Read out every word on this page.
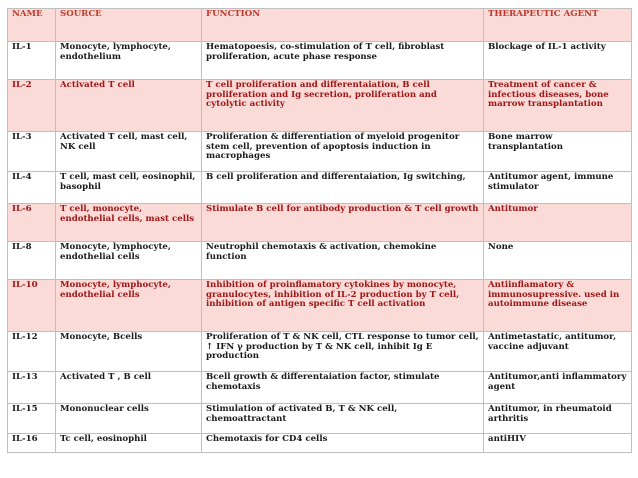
NAME	SOURCE	FUNCTION	THERAPEUTIC AGENT
IL-1	Monocyte, lymphocyte, endothelium	Hematopoesis, co-stimulation of T cell, fibroblast proliferation, acute phase response	Blockage of IL-1 activity
IL-2	Activated T cell	T cell proliferation and differentaiation, B cell proliferation and Ig secretion, proliferation and cytolytic activity	Treatment of cancer & infectious diseases, bone marrow transplantation
IL-3	Activated T cell, mast cell, NK cell	Proliferation & differentiation of myeloid progenitor stem cell, prevention of apoptosis induction in macrophages	Bone marrow transplantation
IL-4	T cell, mast cell, eosinophil, basophil	B cell proliferation and differentaiation, Ig switching,	Antitumor agent, immune stimulator
IL-6	T cell, monocyte, endothelial cells, mast cells	Stimulate B cell for antibody production & T cell growth	Antitumor
IL-8	Monocyte, lymphocyte, endothelial cells	Neutrophil chemotaxis & activation, chemokine function	None
IL-10	Monocyte, lymphocyte, endothelial cells	Inhibition of proinflamatory cytokines by monocyte, granulocytes, inhibition of IL-2 production by T cell, inhibition of antigen specific T cell activation	Antiinflamatory & immunosupressive. used in autoimmune disease
IL-12	Monocyte, Bcells	Proliferation of T & NK cell, CTL response to tumor cell, ↑ IFN γ production by T & NK cell, inhibit Ig E production	Antimetastatic, antitumor, vaccine adjuvant
IL-13	Activated T , B cell	Bcell growth & differentaiation factor, stimulate chemotaxis	Antitumor,anti inflammatory agent
IL-15	Mononuclear cells	Stimulation of activated B, T & NK cell, chemoattractant	Antitumor, in rheumatoid arthritis
IL-16	Tc cell, eosinophil	Chemotaxis for CD4 cells	antiHIV
